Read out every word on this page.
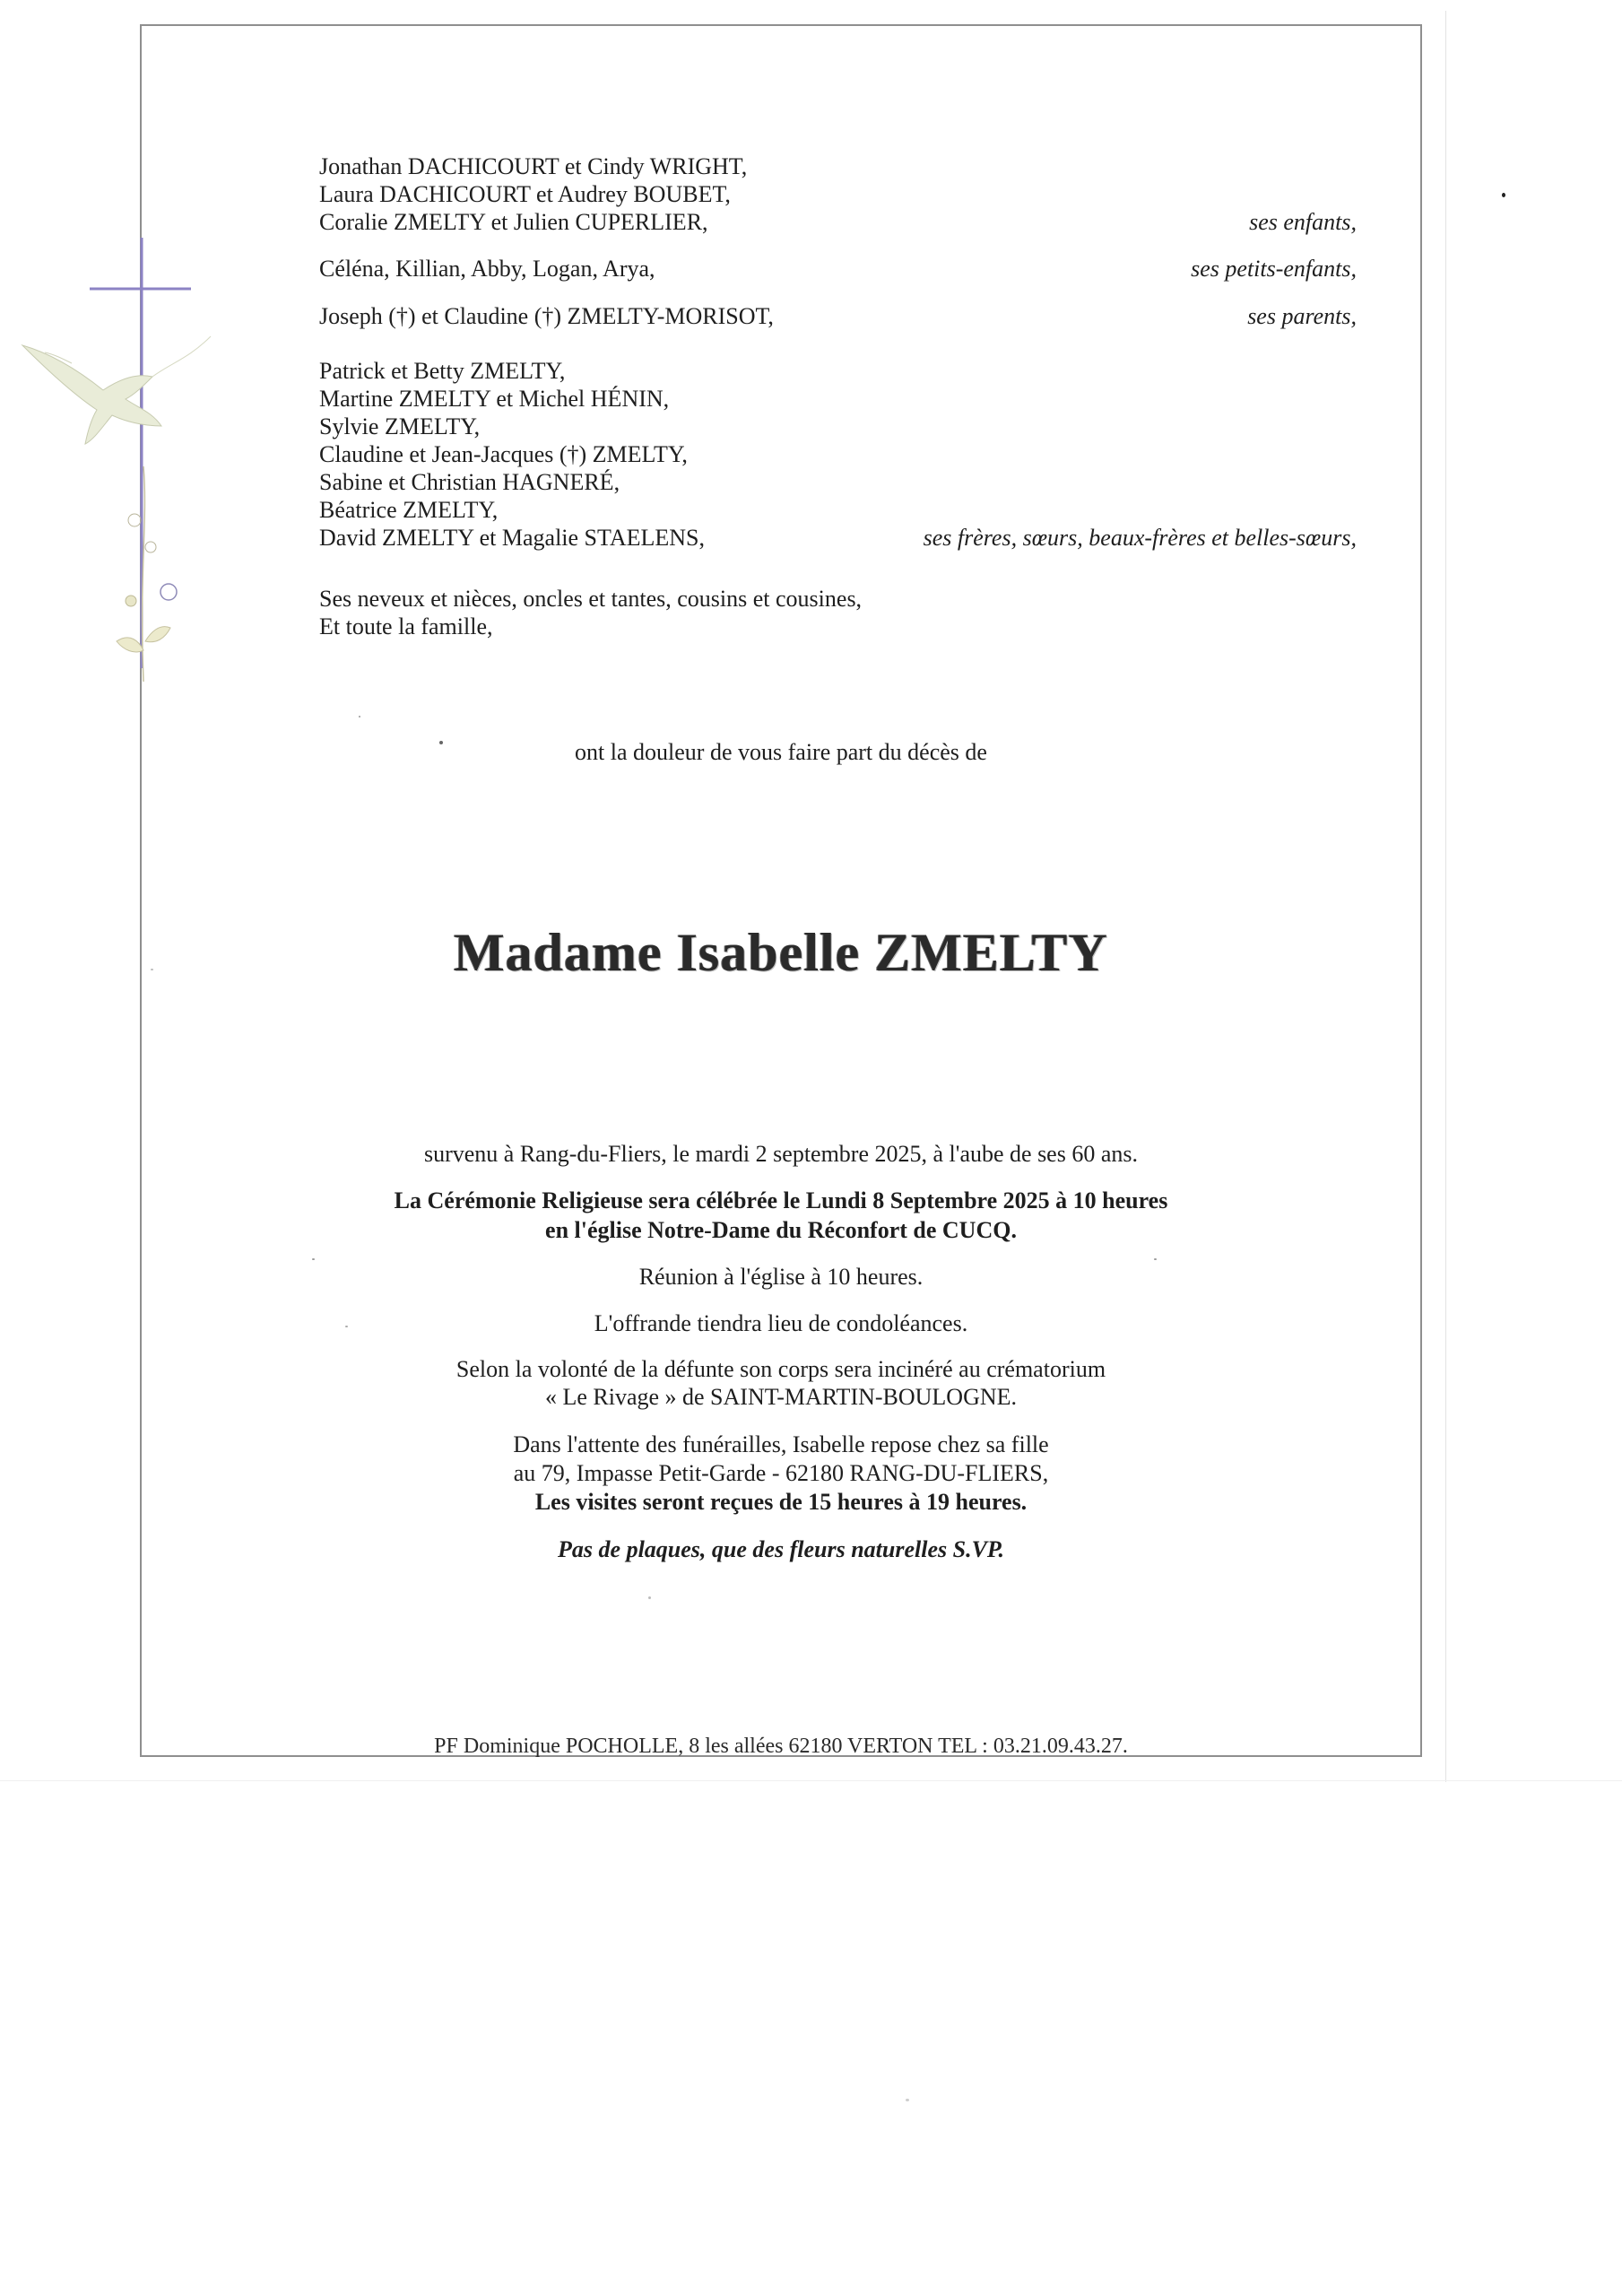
Jonathan DACHICOURT et Cindy WRIGHT,
Laura DACHICOURT et Audrey BOUBET,
Coralie ZMELTY et Julien CUPERLIER,	ses enfants,
Céléna, Killian, Abby, Logan, Arya,	ses petits-enfants,
Joseph (†) et Claudine (†) ZMELTY-MORISOT,	ses parents,
Patrick et Betty ZMELTY,
Martine ZMELTY et Michel HÉNIN,
Sylvie ZMELTY,
Claudine et Jean-Jacques (†) ZMELTY,
Sabine et Christian HAGNERÉ,
Béatrice ZMELTY,
David ZMELTY et Magalie STAELENS,	ses frères, sœurs, beaux-frères et belles-sœurs,
Ses neveux et nièces, oncles et tantes, cousins et cousines,
Et toute la famille,
ont la douleur de vous faire part du décès de
Madame Isabelle ZMELTY
survenu à Rang-du-Fliers, le mardi 2 septembre 2025, à l'aube de ses 60 ans.
La Cérémonie Religieuse sera célébrée le Lundi 8 Septembre 2025 à 10 heures
en l'église Notre-Dame du Réconfort de CUCQ.
Réunion à l'église à 10 heures.
L'offrande tiendra lieu de condoléances.
Selon la volonté de la défunte son corps sera incinéré au crématorium
« Le Rivage » de SAINT-MARTIN-BOULOGNE.
Dans l'attente des funérailles, Isabelle repose chez sa fille
au 79, Impasse Petit-Garde - 62180 RANG-DU-FLIERS,
Les visites seront reçues de 15 heures à 19 heures.
Pas de plaques, que des fleurs naturelles S.VP.
PF Dominique POCHOLLE, 8 les allées 62180 VERTON TEL : 03.21.09.43.27.
